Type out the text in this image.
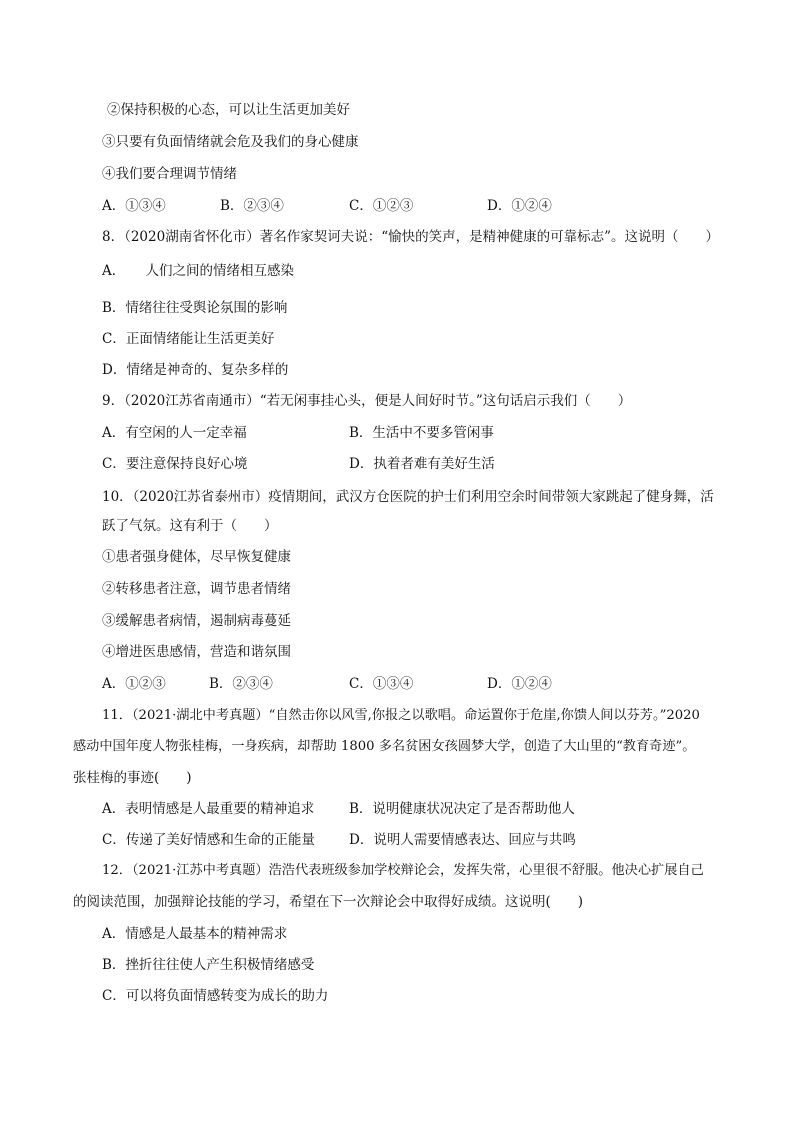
②保持积极的心态，可以让生活更加美好
③只要有负面情绪就会危及我们的身心健康
④我们要合理调节情绪
A．①③④	B．②③④	C．①②③	D．①②④
8．（2020湖南省怀化市）著名作家契诃夫说：“愉快的笑声，是精神健康的可靠标志”。这说明（　　）
A．　　人们之间的情绪相互感染
B．情绪往往受舆论氛围的影响
C．正面情绪能让生活更美好
D．情绪是神奇的、复杂多样的
9．（2020江苏省南通市）“若无闲事挂心头，便是人间好时节。”这句话启示我们（　　）
A．有空闲的人一定幸福	B．生活中不要多管闲事
C．要注意保持良好心境	D．执着者难有美好生活
10．（2020江苏省泰州市）疫情期间，武汉方仓医院的护士们利用空余时间带领大家跳起了健身舞，活
跃了气氛。这有利于（　　）
①患者强身健体，尽早恢复健康
②转移患者注意，调节患者情绪
③缓解患者病情，遏制病毒蔓延
④增进医患感情，营造和谐氛围
A．①②③	B．②③④	C．①③④	D．①②④
11．（2021·湖北中考真题）“自然击你以风雪,你报之以歌唱。命运置你于危崖,你馈人间以芬芳。”2020
感动中国年度人物张桂梅，一身疾病，却帮助 1800 多名贫困女孩圆梦大学，创造了大山里的“教育奇迹”。
张桂梅的事迹(　　)
A．表明情感是人最重要的精神追求	B．说明健康状况决定了是否帮助他人
C．传递了美好情感和生命的正能量	D．说明人需要情感表达、回应与共鸣
12．（2021·江苏中考真题）浩浩代表班级参加学校辩论会，发挥失常，心里很不舒服。他决心扩展自己
的阅读范围，加强辩论技能的学习，希望在下一次辩论会中取得好成绩。这说明(　　)
A．情感是人最基本的精神需求
B．挫折往往使人产生积极情绪感受
C．可以将负面情感转变为成长的助力
